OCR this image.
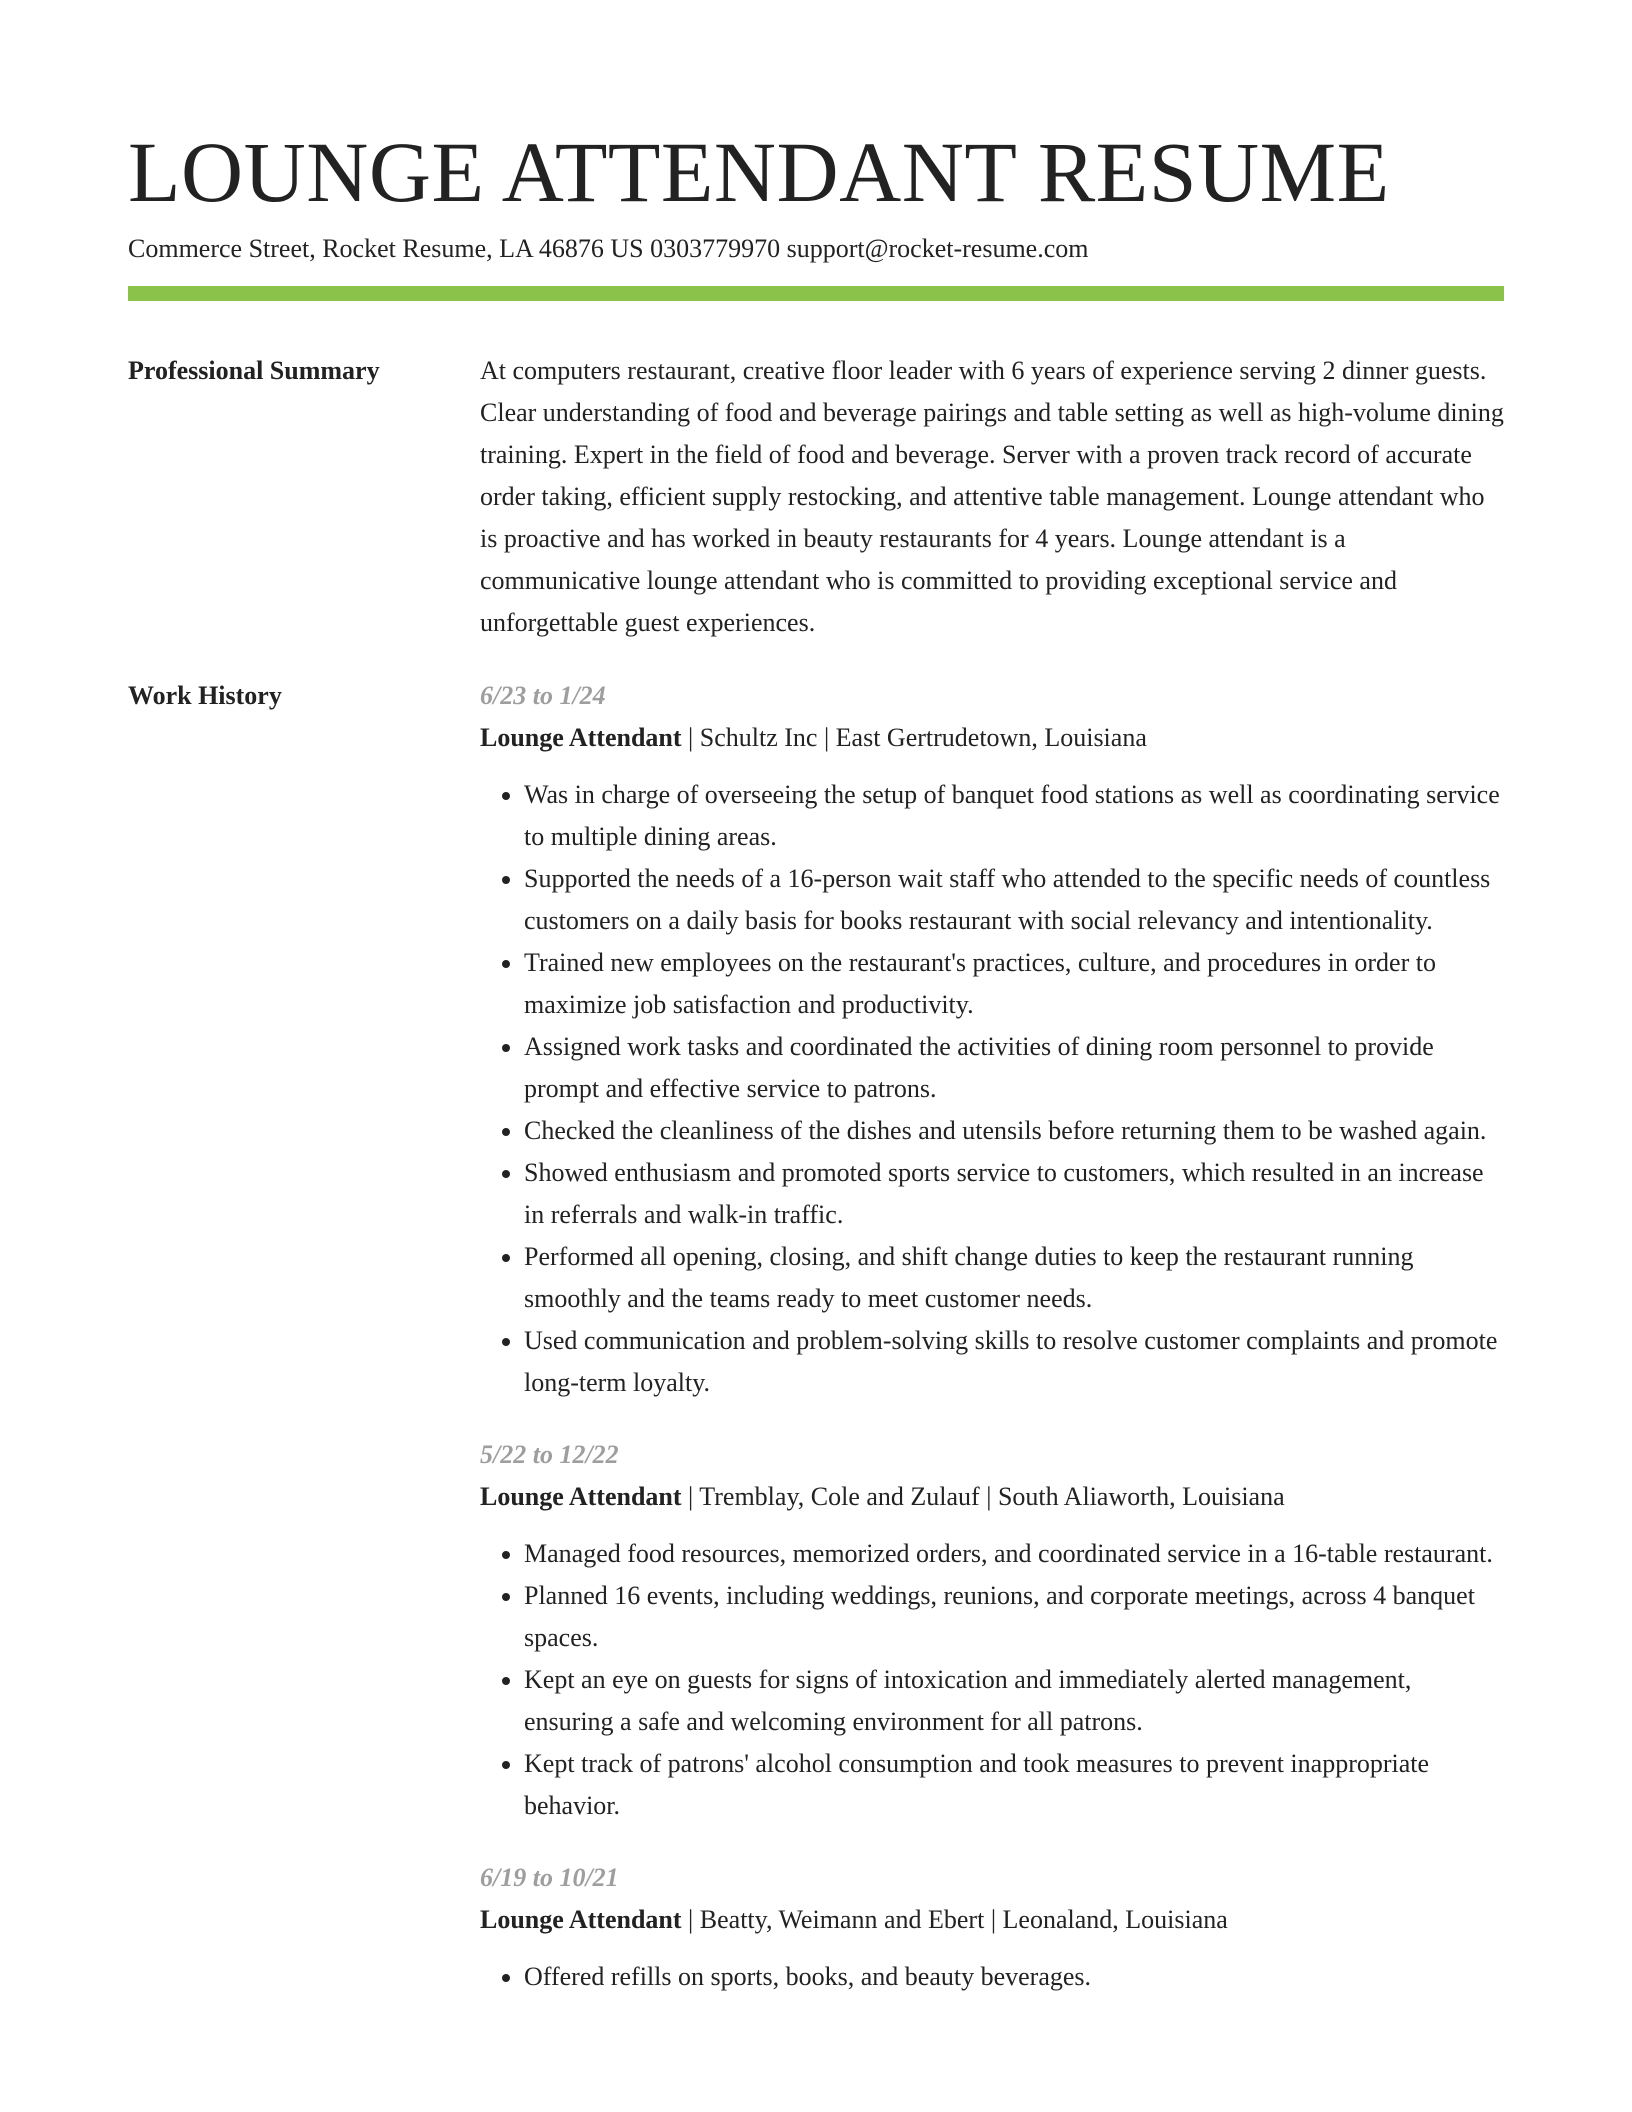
LOUNGE ATTENDANT RESUME
Commerce Street, Rocket Resume, LA 46876 US 0303779970 support@rocket-resume.com
Professional Summary	At computers restaurant, creative floor leader with 6 years of experience serving 2 dinner guests. Clear understanding of food and beverage pairings and table setting as well as high-volume dining training. Expert in the field of food and beverage. Server with a proven track record of accurate order taking, efficient supply restocking, and attentive table management. Lounge attendant who is proactive and has worked in beauty restaurants for 4 years. Lounge attendant is a communicative lounge attendant who is committed to providing exceptional service and unforgettable guest experiences.

Work History	6/23 to 1/24
Lounge Attendant | Schultz Inc | East Gertrudetown, Louisiana
• Was in charge of overseeing the setup of banquet food stations as well as coordinating service to multiple dining areas.
• Supported the needs of a 16-person wait staff who attended to the specific needs of countless customers on a daily basis for books restaurant with social relevancy and intentionality.
• Trained new employees on the restaurant's practices, culture, and procedures in order to maximize job satisfaction and productivity.
• Assigned work tasks and coordinated the activities of dining room personnel to provide prompt and effective service to patrons.
• Checked the cleanliness of the dishes and utensils before returning them to be washed again.
• Showed enthusiasm and promoted sports service to customers, which resulted in an increase in referrals and walk-in traffic.
• Performed all opening, closing, and shift change duties to keep the restaurant running smoothly and the teams ready to meet customer needs.
• Used communication and problem-solving skills to resolve customer complaints and promote long-term loyalty.
5/22 to 12/22
Lounge Attendant | Tremblay, Cole and Zulauf | South Aliaworth, Louisiana
• Managed food resources, memorized orders, and coordinated service in a 16-table restaurant.
• Planned 16 events, including weddings, reunions, and corporate meetings, across 4 banquet spaces.
• Kept an eye on guests for signs of intoxication and immediately alerted management, ensuring a safe and welcoming environment for all patrons.
• Kept track of patrons' alcohol consumption and took measures to prevent inappropriate behavior.
6/19 to 10/21
Lounge Attendant | Beatty, Weimann and Ebert | Leonaland, Louisiana
• Offered refills on sports, books, and beauty beverages.
